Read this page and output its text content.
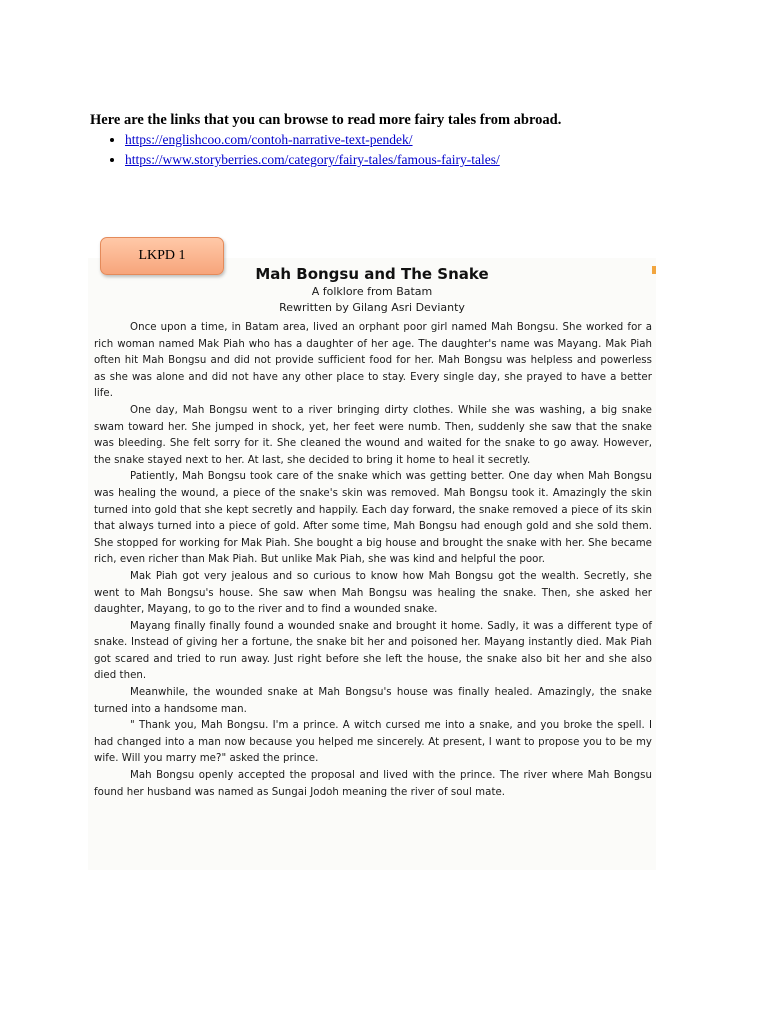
Here are the links that you can browse to read more fairy tales from abroad.

• https://englishcoo.com/contoh-narrative-text-pendek/
• https://www.storyberries.com/category/fairy-tales/famous-fairy-tales/
Mah Bongsu and The Snake
A folklore from Batam
Rewritten by Gilang Asri Devianty

Once upon a time, in Batam area, lived an orphant poor girl named Mah Bongsu. She worked for a rich woman named Mak Piah who has a daughter of her age. The daughter's name was Mayang. Mak Piah often hit Mah Bongsu and did not provide sufficient food for her. Mah Bongsu was helpless and powerless as she was alone and did not have any other place to stay. Every single day, she prayed to have a better life.

One day, Mah Bongsu went to a river bringing dirty clothes. While she was washing, a big snake swam toward her. She jumped in shock, yet, her feet were numb. Then, suddenly she saw that the snake was bleeding. She felt sorry for it. She cleaned the wound and waited for the snake to go away. However, the snake stayed next to her. At last, she decided to bring it home to heal it secretly.

Patiently, Mah Bongsu took care of the snake which was getting better. One day when Mah Bongsu was healing the wound, a piece of the snake's skin was removed. Mah Bongsu took it. Amazingly the skin turned into gold that she kept secretly and happily. Each day forward, the snake removed a piece of its skin that always turned into a piece of gold. After some time, Mah Bongsu had enough gold and she sold them. She stopped for working for Mak Piah. She bought a big house and brought the snake with her. She became rich, even richer than Mak Piah. But unlike Mak Piah, she was kind and helpful the poor.

Mak Piah got very jealous and so curious to know how Mah Bongsu got the wealth. Secretly, she went to Mah Bongsu's house. She saw when Mah Bongsu was healing the snake. Then, she asked her daughter, Mayang, to go to the river and to find a wounded snake.

Mayang finally finally found a wounded snake and brought it home. Sadly, it was a different type of snake. Instead of giving her a fortune, the snake bit her and poisoned her. Mayang instantly died. Mak Piah got scared and tried to run away. Just right before she left the house, the snake also bit her and she also died then.

Meanwhile, the wounded snake at Mah Bongsu's house was finally healed. Amazingly, the snake turned into a handsome man.

" Thank you, Mah Bongsu. I'm a prince. A witch cursed me into a snake, and you broke the spell. I had changed into a man now because you helped me sincerely. At present, I want to propose you to be my wife. Will you marry me?" asked the prince.

Mah Bongsu openly accepted the proposal and lived with the prince. The river where Mah Bongsu found her husband was named as Sungai Jodoh meaning the river of soul mate.

LKPD 1
